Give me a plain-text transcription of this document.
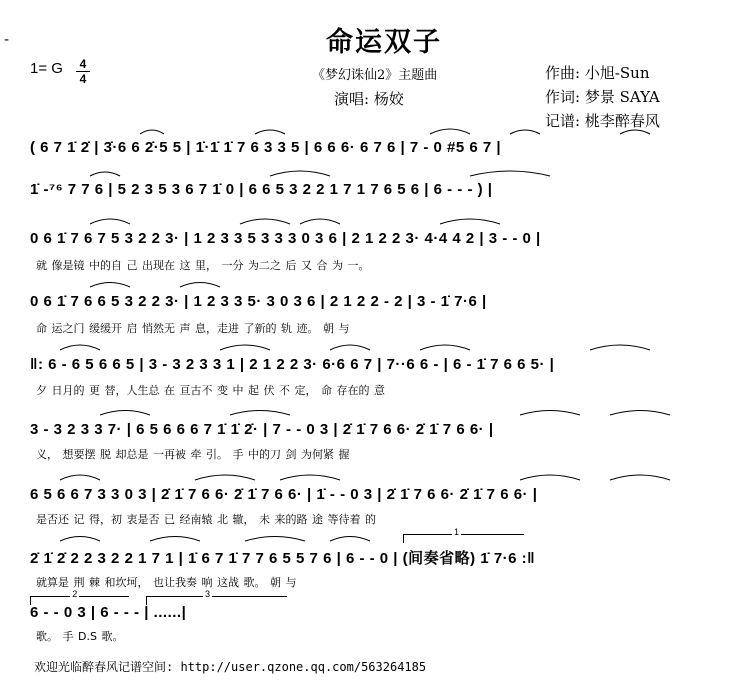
-	命运双子
1= G	4
4	《梦幻诛仙2》主题曲
演唱: 杨姣
作曲: 小旭-Sun
作词: 梦景 SAYA
记谱: 桃李醉春风
( 6 7 1̇ 2̇ | 3̇·6 6 2̇·5 5 | 1̇·1̇ 1̇ 7 6 3 3 5 | 6 6 6· 6 7 6 | 7 - 0 #5 6 7 |
1̇ -⁷⁶ 7 7 6 | 5 2 3 5 3 6 7 1̇ 0 | 6 6 5 3 2 2 1 7 1 7 6 5 6 | 6 - - - ) |
0 6 1̇ 7 6 7 5 3 2 2 3· | 1 2 3 3 5 3 3 3 0 3 6 | 2 1 2 2 3· 4·4 4 2 | 3 - - 0 |
就 像是镜 中的自 己 出现在 这 里， 一分 为二之 后 又 合 为 一。
0 6 1̇ 7 6 6 5 3 2 2 3· | 1 2 3 3 5· 3 0 3 6 | 2 1 2 2 - 2 | 3 - 1̇ 7·6 |
命 运之门 缓缓开 启 悄然无 声 息，走进 了新的 轨 迹。 朝 与
‖: 6 - 6 5 6 6 5 | 3 - 3 2 3 3 1 | 2 1 2 2 3· 6·6 6 7 | 7··6 6 - | 6 - 1̇ 7 6 6 5· |
夕 日月的 更 替，人生总 在 亘古不 变 中 起 伏 不 定， 命 存在的 意
3 - 3 2 3 3 7· | 6 5 6 6 6 7 1̇ 1̇ 2̇· | 7 - - 0 3 | 2̇ 1̇ 7 6 6· 2̇ 1̇ 7 6 6· |
义， 想要摆 脱 却总是 一再被 牵 引。 手 中的刀 剑 为何紧 握
6 5 6 6 7 3 3 0 3 | 2̇ 1̇ 7 6 6· 2̇ 1̇ 7 6 6· | 1̇ - - 0 3 | 2̇ 1̇ 7 6 6· 2̇ 1̇ 7 6 6· |
是否还 记 得，初 衷是否 已 经南辕 北 辙， 未 来的路 途 等待着 的
2̇ 1̇ 2̇ 2 2 3 2 2 1 7 1 | 1̇ 6 7 1̇ 7 7 6 5 5 7 6 | 6 - - 0 | (间奏省略) 1̇ 7·6 :‖
就算是 荆 棘 和坎坷， 也让我奏 响 这战 歌。 朝 与
6 - - 0 3 | 6 - - - | ......|
歌。 手 D.S 歌。
1
2	3
欢迎光临醉春风记谱空间: http://user.qzone.qq.com/563264185
